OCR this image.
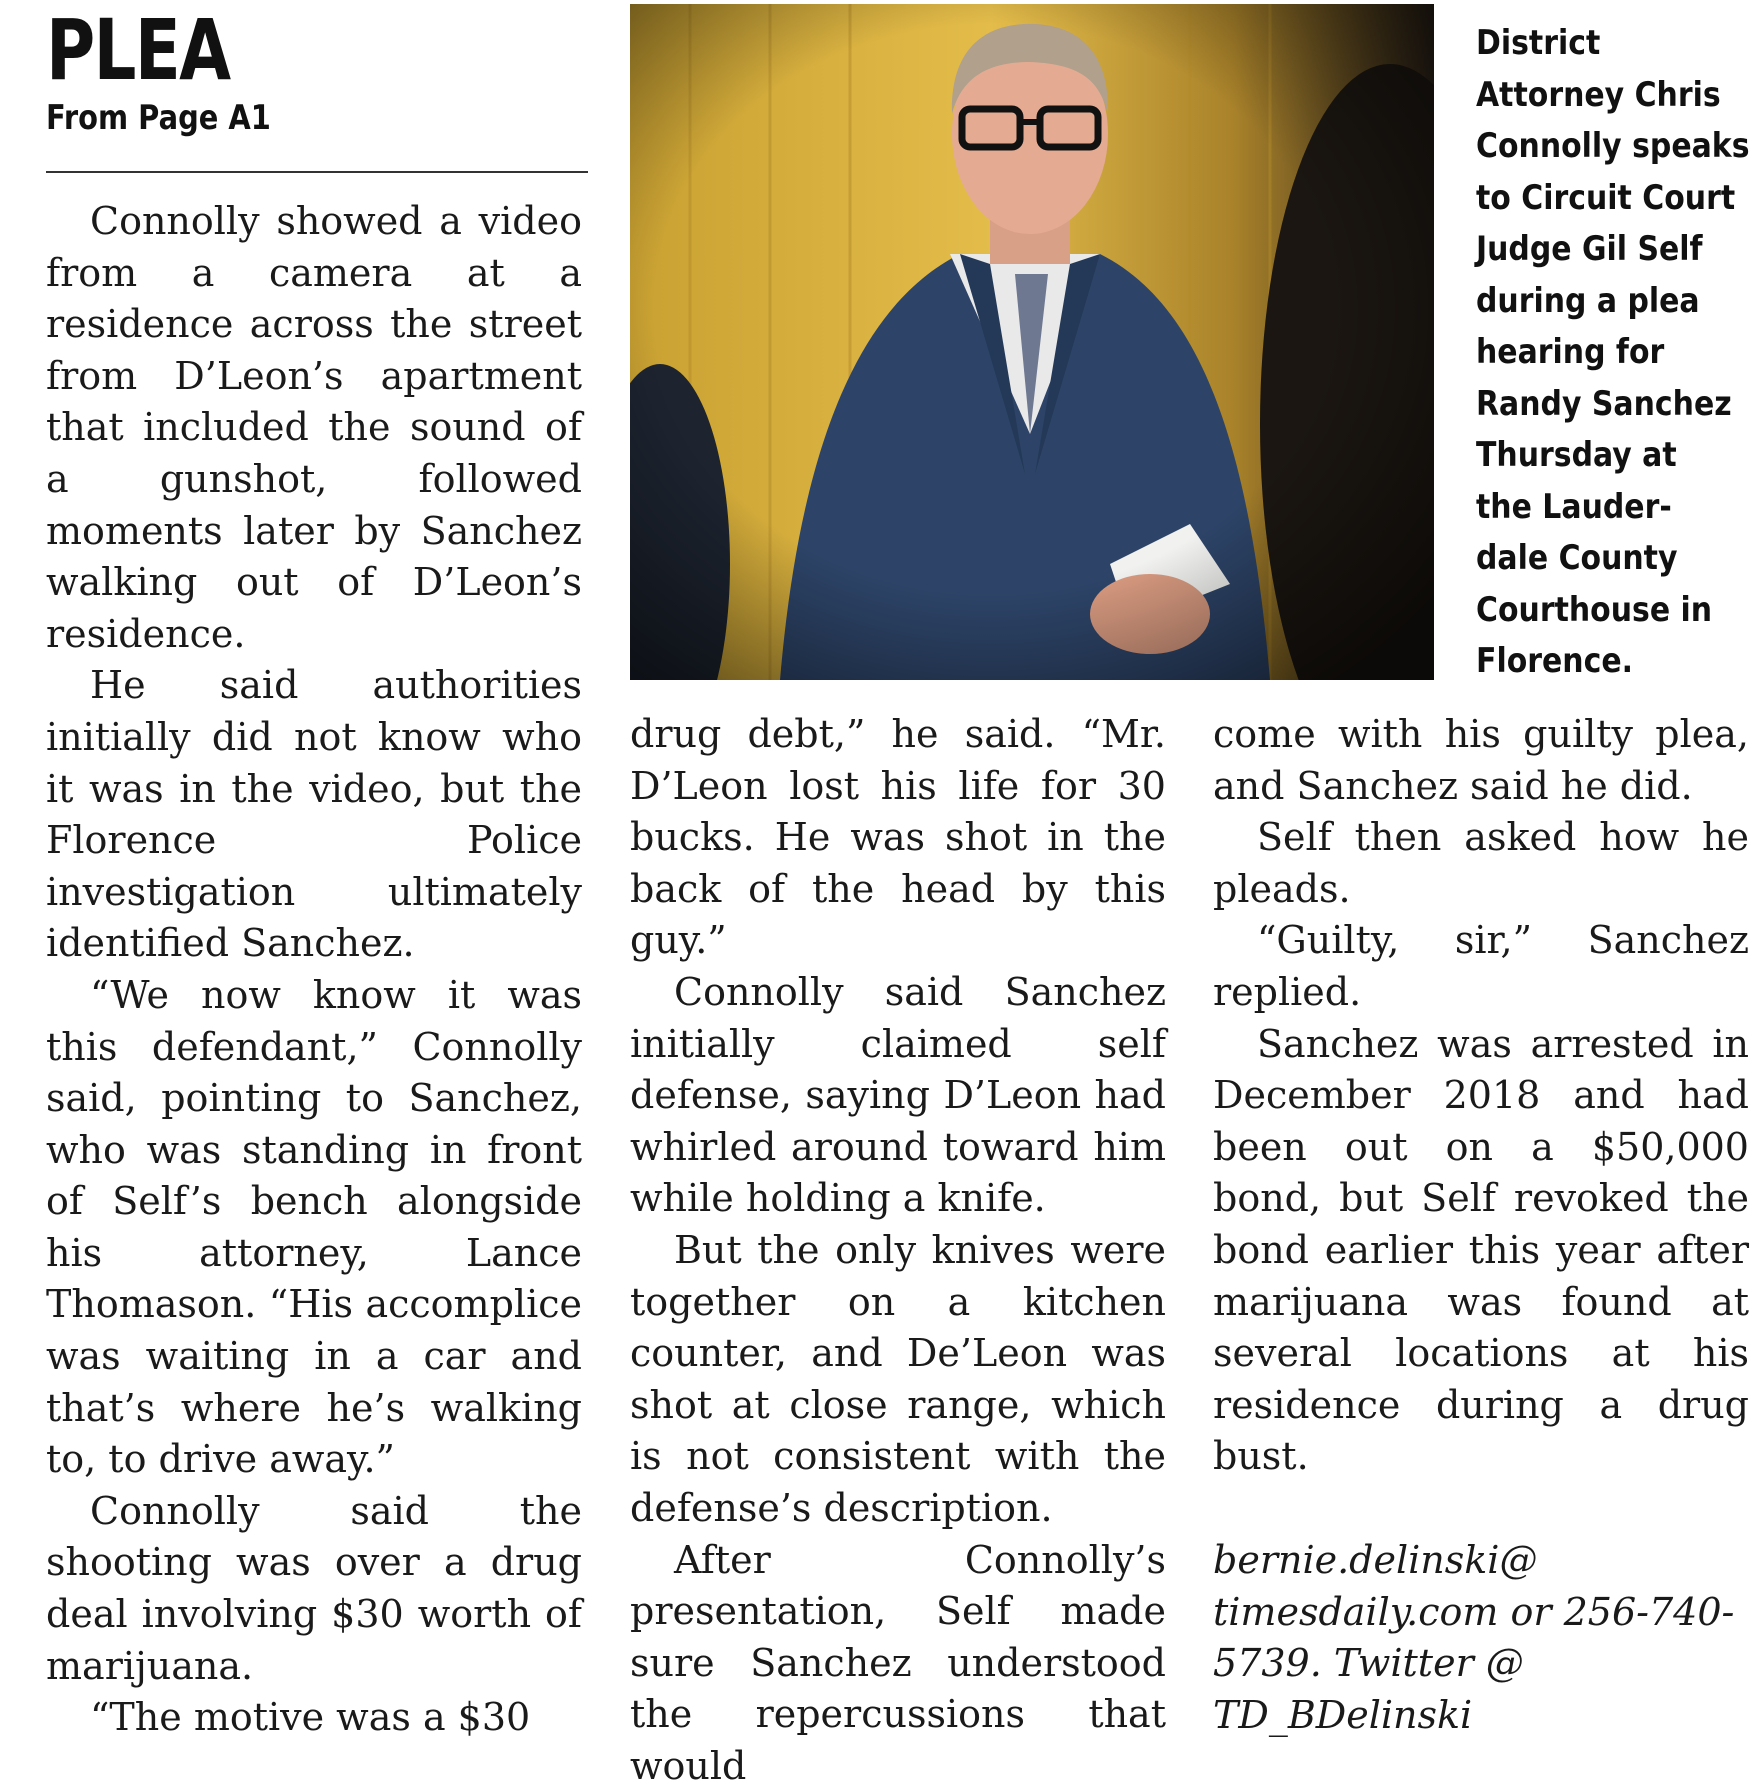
PLEA
From Page A1
District
Attorney Chris
Connolly speaks
to Circuit Court
Judge Gil Self
during a plea
hearing for
Randy Sanchez
Thursday at
the Lauder-
dale County
Courthouse in
Florence.

Connolly showed a video from a camera at a residence across the street from D’Leon’s apartment that included the sound of a gunshot, followed moments later by Sanchez walking out of D’Leon’s residence.

He said authorities initially did not know who it was in the video, but the Florence Police investigation ultimately identified Sanchez.

“We now know it was this defendant,” Connolly said, pointing to Sanchez, who was standing in front of Self’s bench alongside his attorney, Lance Thomason. “His accomplice was waiting in a car and that’s where he’s walking to, to drive away.”

Connolly said the shooting was over a drug deal involving $30 worth of marijuana.

“The motive was a $30

drug debt,” he said. “Mr. D’Leon lost his life for 30 bucks. He was shot in the back of the head by this guy.”

Connolly said Sanchez initially claimed self defense, saying D’Leon had whirled around toward him while holding a knife.

But the only knives were together on a kitchen counter, and De’Leon was shot at close range, which is not consistent with the defense’s description.

After Connolly’s presentation, Self made sure Sanchez understood the repercussions that would

come with his guilty plea, and Sanchez said he did.

Self then asked how he pleads.

“Guilty, sir,” Sanchez replied.

Sanchez was arrested in December 2018 and had been out on a $50,000 bond, but Self revoked the bond earlier this year after marijuana was found at several locations at his residence during a drug bust.

bernie.delinski@ timesdaily.com or 256-740-5739. Twitter @ TD_BDelinski
